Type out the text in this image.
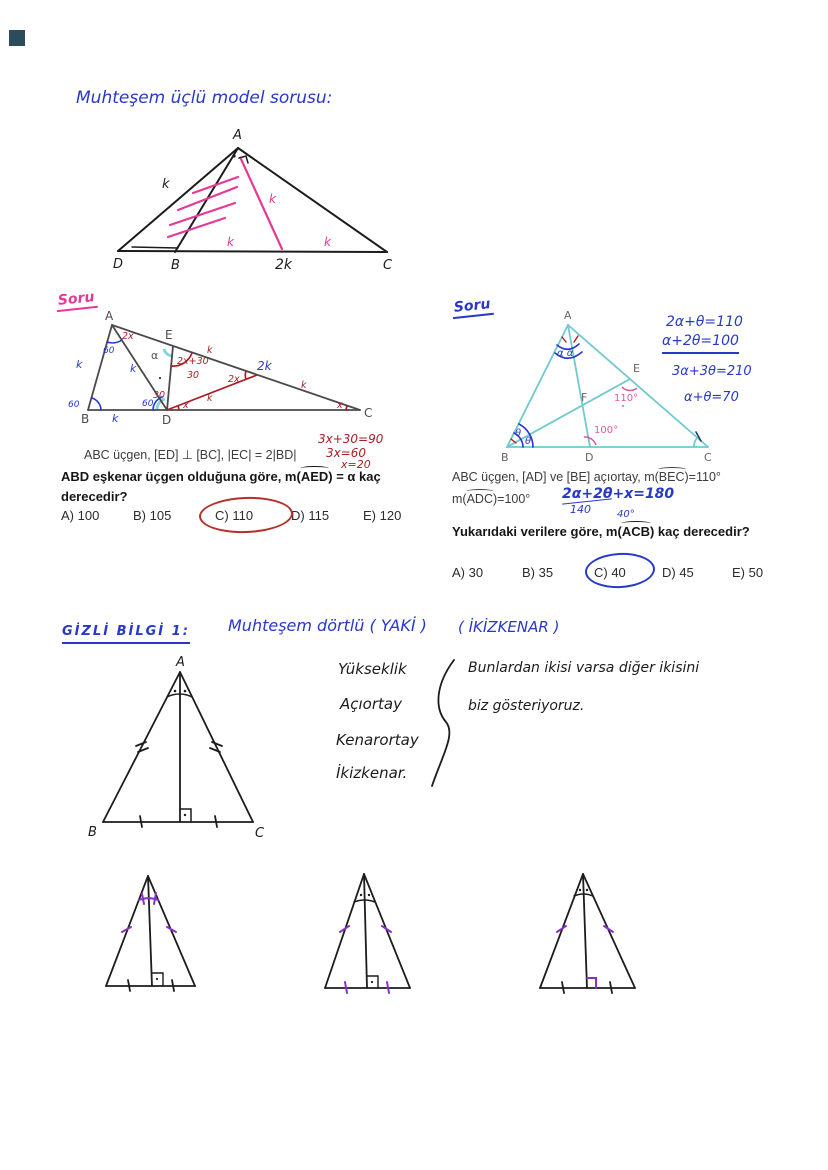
Muhteşem üçlü model sorusu:
A
D	B	C
k
2k
k
k	k
Soru
A
B	D	C
E
α
k	k
k
60
60	60
2k
2x
2x+30
30
30
k
k
x
2x
k
x
3x+30=90
3x=60
x=20
ABC üçgen, [ED] ⊥ [BC], |EC| = 2|BD|
ABD eşkenar üçgen olduğuna göre, m(AED) = α kaç
derecedir?
A) 100	B) 105	C) 110	D) 115	E) 120
Soru	A
B	C
D
E
F	110°
100°
α α
θ
θ
2α+θ=110
α+2θ=100
3α+3θ=210
α+θ=70
ABC üçgen, [AD] ve [BE] açıortay, m(BEC)=110°
m(ADC)=100° 2α+2θ+x=180
140	40°
Yukarıdaki verilere göre, m(ACB) kaç derecedir?
A) 30	B) 35	C) 40	D) 45	E) 50
GİZLİ BİLGİ 1: Muhteşem dörtlü ( YAKİ ) ( İKİZKENAR )
A
B	C
Yükseklik
Açıortay
Kenarortay
İkizkenar.
Bunlardan ikisi varsa diğer ikisini
biz gösteriyoruz.
